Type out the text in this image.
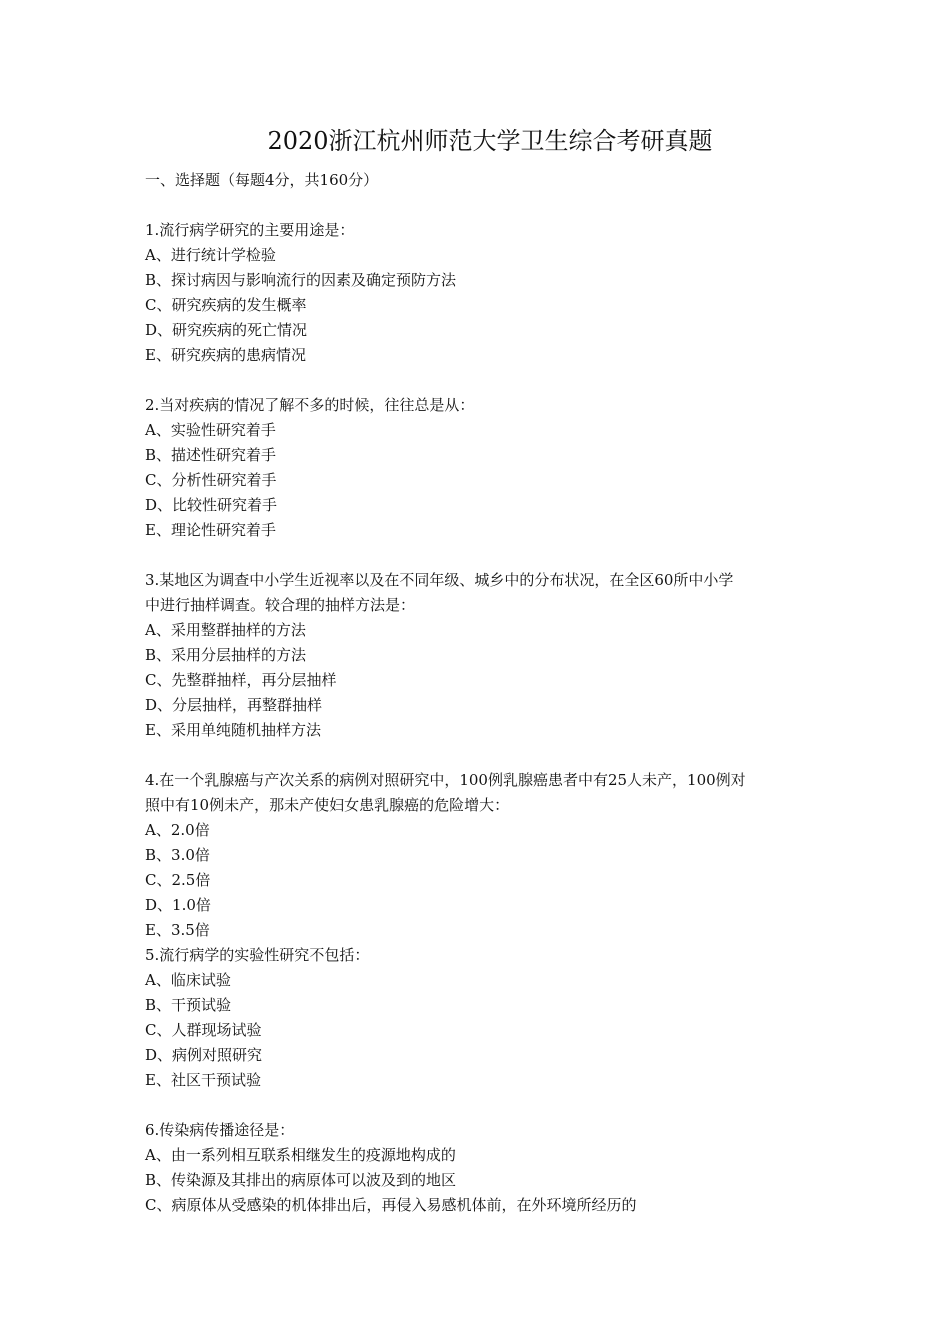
2020浙江杭州师范大学卫生综合考研真题
一、选择题（每题4分，共160分）
1.流行病学研究的主要用途是：
A、进行统计学检验
B、探讨病因与影响流行的因素及确定预防方法
C、研究疾病的发生概率
D、研究疾病的死亡情况
E、研究疾病的患病情况
2.当对疾病的情况了解不多的时候，往往总是从：
A、实验性研究着手
B、描述性研究着手
C、分析性研究着手
D、比较性研究着手
E、理论性研究着手
3.某地区为调查中小学生近视率以及在不同年级、城乡中的分布状况，在全区60所中小学
中进行抽样调查。较合理的抽样方法是：
A、采用整群抽样的方法
B、采用分层抽样的方法
C、先整群抽样，再分层抽样
D、分层抽样，再整群抽样
E、采用单纯随机抽样方法
4.在一个乳腺癌与产次关系的病例对照研究中，100例乳腺癌患者中有25人未产，100例对
照中有10例未产，那未产使妇女患乳腺癌的危险增大：
A、2.0倍
B、3.0倍
C、2.5倍
D、1.0倍
E、3.5倍
5.流行病学的实验性研究不包括：
A、临床试验
B、干预试验
C、人群现场试验
D、病例对照研究
E、社区干预试验
6.传染病传播途径是：
A、由一系列相互联系相继发生的疫源地构成的
B、传染源及其排出的病原体可以波及到的地区
C、病原体从受感染的机体排出后，再侵入易感机体前，在外环境所经历的
